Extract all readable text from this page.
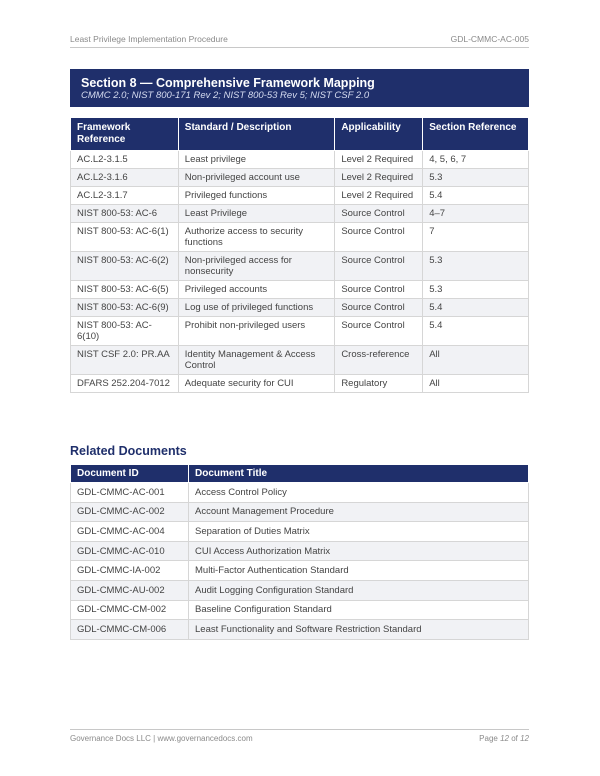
Least Privilege Implementation Procedure	GDL-CMMC-AC-005
Section 8 — Comprehensive Framework Mapping
CMMC 2.0; NIST 800-171 Rev 2; NIST 800-53 Rev 5; NIST CSF 2.0
Framework Reference	Standard / Description	Applicability	Section Reference
AC.L2-3.1.5	Least privilege	Level 2 Required	4, 5, 6, 7
AC.L2-3.1.6	Non-privileged account use	Level 2 Required	5.3
AC.L2-3.1.7	Privileged functions	Level 2 Required	5.4
NIST 800-53: AC-6	Least Privilege	Source Control	4–7
NIST 800-53: AC-6(1)	Authorize access to security functions	Source Control	7
NIST 800-53: AC-6(2)	Non-privileged access for nonsecurity	Source Control	5.3
NIST 800-53: AC-6(5)	Privileged accounts	Source Control	5.3
NIST 800-53: AC-6(9)	Log use of privileged functions	Source Control	5.4
NIST 800-53: AC-6(10)	Prohibit non-privileged users	Source Control	5.4
NIST CSF 2.0: PR.AA	Identity Management & Access Control	Cross-reference	All
DFARS 252.204-7012	Adequate security for CUI	Regulatory	All
Related Documents
Document ID	Document Title
GDL-CMMC-AC-001	Access Control Policy
GDL-CMMC-AC-002	Account Management Procedure
GDL-CMMC-AC-004	Separation of Duties Matrix
GDL-CMMC-AC-010	CUI Access Authorization Matrix
GDL-CMMC-IA-002	Multi-Factor Authentication Standard
GDL-CMMC-AU-002	Audit Logging Configuration Standard
GDL-CMMC-CM-002	Baseline Configuration Standard
GDL-CMMC-CM-006	Least Functionality and Software Restriction Standard
Governance Docs LLC | www.governancedocs.com	Page 12 of 12
